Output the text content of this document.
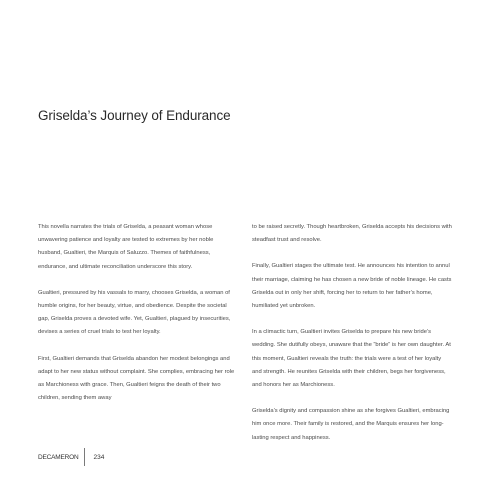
Griselda’s Journey of Endurance

This novella narrates the trials of Griselda, a peasant woman whose unwavering patience and loyalty are tested to extremes by her noble husband, Gualtieri, the Marquis of Saluzzo. Themes of faithfulness, endurance, and ultimate reconciliation underscore this story.

Gualtieri, pressured by his vassals to marry, chooses Griselda, a woman of humble origins, for her beauty, virtue, and obedience. Despite the societal gap, Griselda proves a devoted wife. Yet, Gualtieri, plagued by insecurities, devises a series of cruel trials to test her loyalty.

First, Gualtieri demands that Griselda abandon her modest belongings and adapt to her new status without complaint. She complies, embracing her role as Marchioness with grace. Then, Gualtieri feigns the death of their two children, sending them away

to be raised secretly. Though heartbroken, Griselda accepts his decisions with steadfast trust and resolve.

Finally, Gualtieri stages the ultimate test. He announces his intention to annul their marriage, claiming he has chosen a new bride of noble lineage. He casts Griselda out in only her shift, forcing her to return to her father’s home, humiliated yet unbroken.

In a climactic turn, Gualtieri invites Griselda to prepare his new bride’s wedding. She dutifully obeys, unaware that the “bride” is her own daughter. At this moment, Gualtieri reveals the truth: the trials were a test of her loyalty and strength. He reunites Griselda with their children, begs her forgiveness, and honors her as Marchioness.

Griselda’s dignity and compassion shine as she forgives Gualtieri, embracing him once more. Their family is restored, and the Marquis ensures her long-lasting respect and happiness.

DECAMERON 234
